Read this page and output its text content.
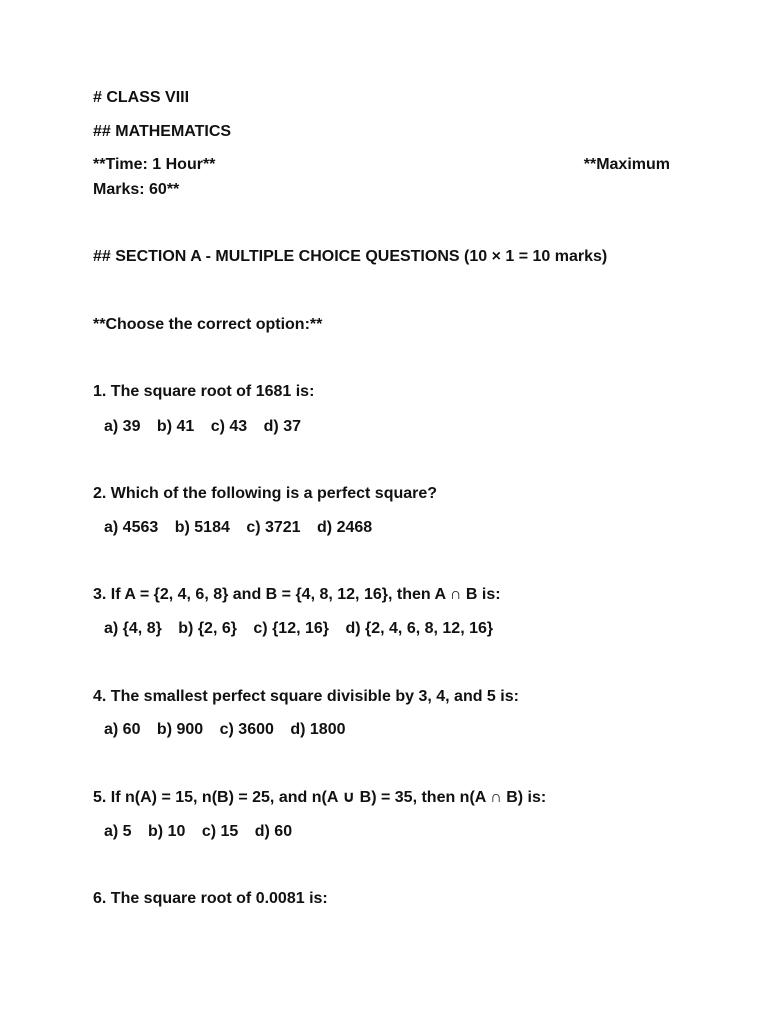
# CLASS VIII
## MATHEMATICS
**Time: 1 Hour**	**Maximum
Marks: 60**
## SECTION A - MULTIPLE CHOICE QUESTIONS (10 × 1 = 10 marks)
**Choose the correct option:**
1. The square root of 1681 is:
a) 39 b) 41 c) 43 d) 37
2. Which of the following is a perfect square?
a) 4563 b) 5184 c) 3721 d) 2468
3. If A = {2, 4, 6, 8} and B = {4, 8, 12, 16}, then A ∩ B is:
a) {4, 8} b) {2, 6} c) {12, 16} d) {2, 4, 6, 8, 12, 16}
4. The smallest perfect square divisible by 3, 4, and 5 is:
a) 60 b) 900 c) 3600 d) 1800
5. If n(A) = 15, n(B) = 25, and n(A ∪ B) = 35, then n(A ∩ B) is:
a) 5 b) 10 c) 15 d) 60
6. The square root of 0.0081 is:
